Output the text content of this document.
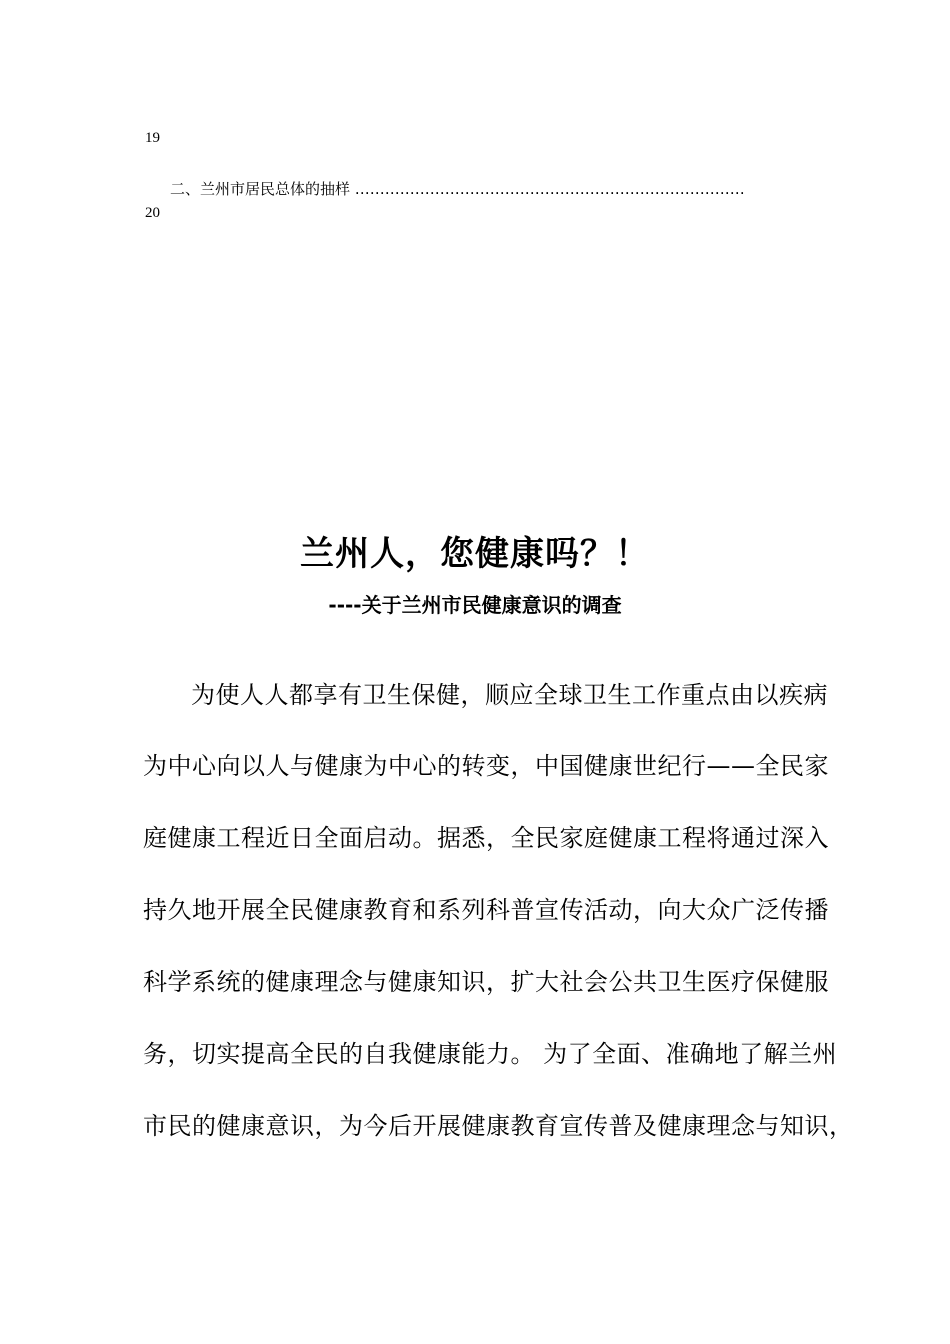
19
二、兰州市居民总体的抽样 ……………………………………………………………………
20
兰州人，您健康吗？！
----关于兰州市民健康意识的调查
为使人人都享有卫生保健，顺应全球卫生工作重点由以疾病
为中心向以人与健康为中心的转变，中国健康世纪行——全民家
庭健康工程近日全面启动。据悉，全民家庭健康工程将通过深入
持久地开展全民健康教育和系列科普宣传活动，向大众广泛传播
科学系统的健康理念与健康知识，扩大社会公共卫生医疗保健服
务，切实提高全民的自我健康能力。 为了全面、准确地了解兰州
市民的健康意识，为今后开展健康教育宣传普及健康理念与知识，
